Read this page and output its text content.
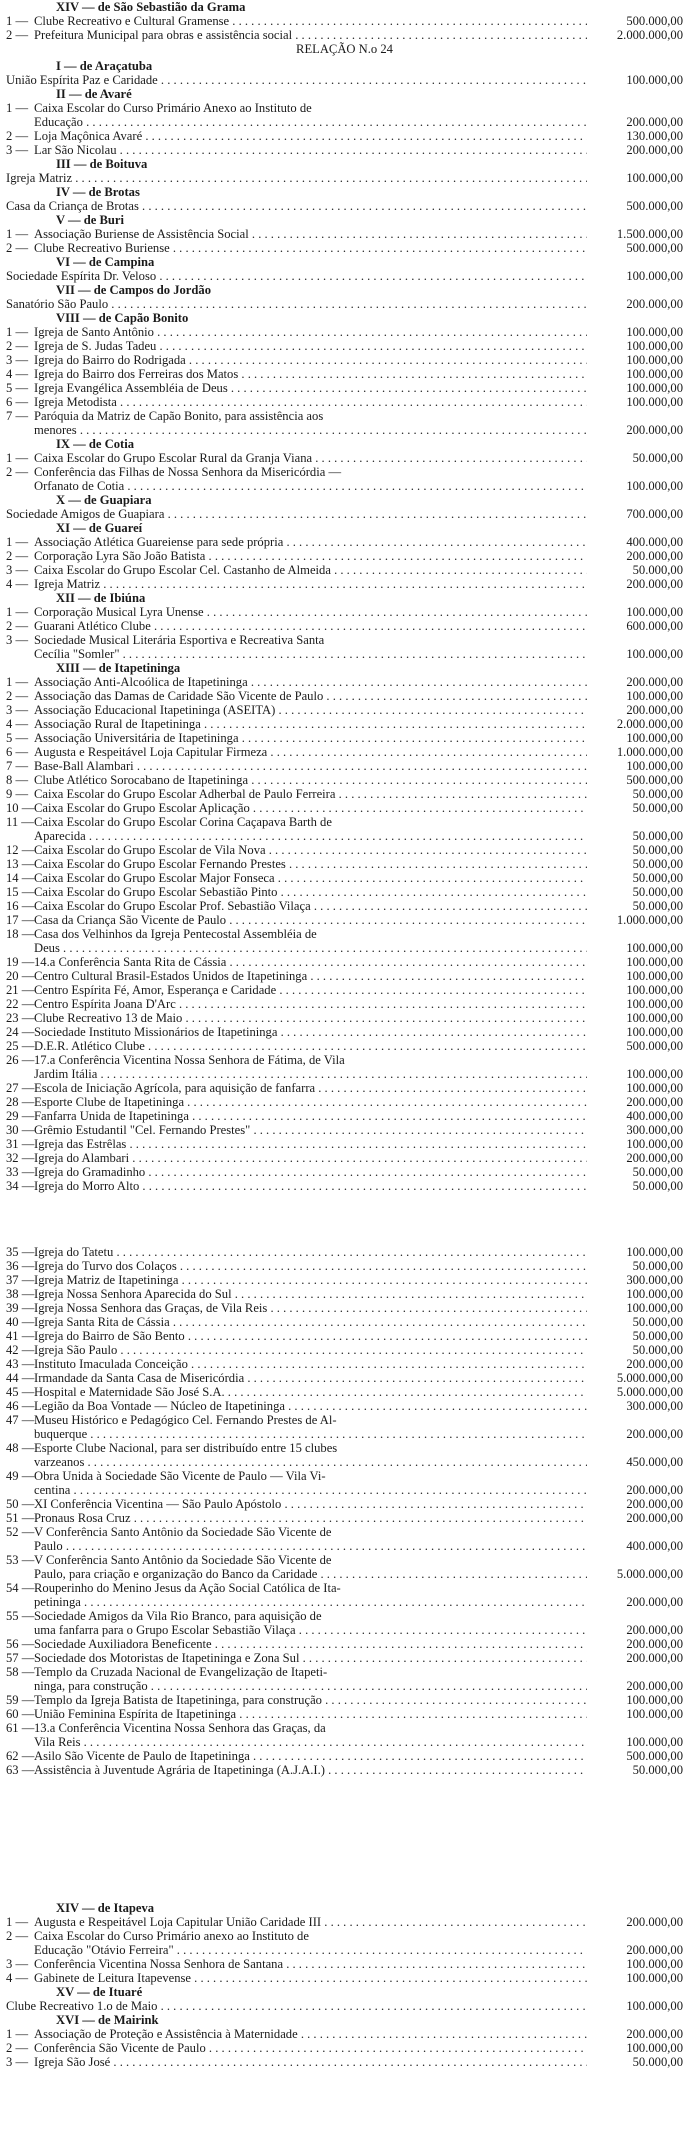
XIV — de São Sebastião da Grama
1 — Clube Recreativo e Cultural Gramense . . .	500.000,00
2 — Prefeitura Municipal para obras e assistência social . . .	2.000.000,00
RELAÇÃO N.o 24
I — de Araçatuba
União Espírita Paz e Caridade . . .	100.000,00
II — de Avaré
1 — Caixa Escolar do Curso Primário Anexo ao Instituto de
Educação . . .	200.000,00
2 — Loja Maçônica Avaré . . .	130.000,00
3 — Lar São Nicolau . . .	200.000,00
III — de Boituva
Igreja Matriz . . .	100.000,00
IV — de Brotas
Casa da Criança de Brotas . . .	500.000,00
V — de Buri
1 — Associação Buriense de Assistência Social . . .	1.500.000,00
2 — Clube Recreativo Buriense . . .	500.000,00
VI — de Campina
Sociedade Espírita Dr. Veloso . . .	100.000,00
VII — de Campos do Jordão
Sanatório São Paulo . . .	200.000,00
VIII — de Capão Bonito
1 — Igreja de Santo Antônio . . .	100.000,00
2 — Igreja de S. Judas Tadeu . . .	100.000,00
3 — Igreja do Bairro do Rodrigada . . .	100.000,00
4 — Igreja do Bairro dos Ferreiras dos Matos . . .	100.000,00
5 — Igreja Evangélica Assembléia de Deus . . .	100.000,00
6 — Igreja Metodista . . .	100.000,00
7 — Paróquia da Matriz de Capão Bonito, para assistência aos
menores . . .	200.000,00
IX — de Cotia
1 — Caixa Escolar do Grupo Escolar Rural da Granja Viana . . .	50.000,00
2 — Conferência das Filhas de Nossa Senhora da Misericórdia —
Orfanato de Cotia . . .	100.000,00
X — de Guapiara
Sociedade Amigos de Guapiara . . .	700.000,00
XI — de Guareí
1 — Associação Atlética Guareiense para sede própria . . .	400.000,00
2 — Corporação Lyra São João Batista . . .	200.000,00
3 — Caixa Escolar do Grupo Escolar Cel. Castanho de Almeida . . .	50.000,00
4 — Igreja Matriz . . .	200.000,00
XII — de Ibiúna
1 — Corporação Musical Lyra Unense . . .	100.000,00
2 — Guarani Atlético Clube . . .	600.000,00
3 — Sociedade Musical Literária Esportiva e Recreativa Santa
Cecília "Somler" . . .	100.000,00
XIII — de Itapetininga
1 — Associação Anti-Alcoólica de Itapetininga . . .	200.000,00
2 — Associação das Damas de Caridade São Vicente de Paulo . . .	100.000,00
3 — Associação Educacional Itapetininga (ASEITA) . . .	200.000,00
4 — Associação Rural de Itapetininga . . .	2.000.000,00
5 — Associação Universitária de Itapetininga . . .	100.000,00
6 — Augusta e Respeitável Loja Capitular Firmeza . . .	1.000.000,00
7 — Base-Ball Alambari . . .	100.000,00
8 — Clube Atlético Sorocabano de Itapetininga . . .	500.000,00
9 — Caixa Escolar do Grupo Escolar Adherbal de Paulo Ferreira . . .	50.000,00
10 — Caixa Escolar do Grupo Escolar Aplicação . . .	50.000,00
11 — Caixa Escolar do Grupo Escolar Corina Caçapava Barth de
Aparecida . . .	50.000,00
12 — Caixa Escolar do Grupo Escolar de Vila Nova . . .	50.000,00
13 — Caixa Escolar do Grupo Escolar Fernando Prestes . . .	50.000,00
14 — Caixa Escolar do Grupo Escolar Major Fonseca . . .	50.000,00
15 — Caixa Escolar do Grupo Escolar Sebastião Pinto . . .	50.000,00
16 — Caixa Escolar do Grupo Escolar Prof. Sebastião Vilaça . . .	50.000,00
17 — Casa da Criança São Vicente de Paulo . . .	1.000.000,00
18 — Casa dos Velhinhos da Igreja Pentecostal Assembléia de
Deus . . .	100.000,00
19 — 14.a Conferência Santa Rita de Cássia . . .	100.000,00
20 — Centro Cultural Brasil-Estados Unidos de Itapetininga . . .	100.000,00
21 — Centro Espírita Fé, Amor, Esperança e Caridade . . .	100.000,00
22 — Centro Espírita Joana D'Arc . . .	100.000,00
23 — Clube Recreativo 13 de Maio . . .	100.000,00
24 — Sociedade Instituto Missionários de Itapetininga . . .	100.000,00
25 — D.E.R. Atlético Clube . . .	500.000,00
26 — 17.a Conferência Vicentina Nossa Senhora de Fátima, de Vila
Jardim Itália . . .	100.000,00
27 — Escola de Iniciação Agrícola, para aquisição de fanfarra . . .	100.000,00
28 — Esporte Clube de Itapetininga . . .	200.000,00
29 — Fanfarra Unida de Itapetininga . . .	400.000,00
30 — Grêmio Estudantil "Cel. Fernando Prestes" . . .	300.000,00
31 — Igreja das Estrêlas . . .	100.000,00
32 — Igreja do Alambari . . .	200.000,00
33 — Igreja do Gramadinho . . .	50.000,00
34 — Igreja do Morro Alto . . .	50.000,00
35 — Igreja do Tatetu . . .	100.000,00
36 — Igreja do Turvo dos Colaços . . .	50.000,00
37 — Igreja Matriz de Itapetininga . . .	300.000,00
38 — Igreja Nossa Senhora Aparecida do Sul . . .	100.000,00
39 — Igreja Nossa Senhora das Graças, de Vila Reis . . .	100.000,00
40 — Igreja Santa Rita de Cássia . . .	50.000,00
41 — Igreja do Bairro de São Bento . . .	50.000,00
42 — Igreja São Paulo . . .	50.000,00
43 — Instituto Imaculada Conceição . . .	200.000,00
44 — Irmandade da Santa Casa de Misericórdia . . .	5.000.000,00
45 — Hospital e Maternidade São José S.A. . . .	5.000.000,00
46 — Legião da Boa Vontade — Núcleo de Itapetininga . . .	300.000,00
47 — Museu Histórico e Pedagógico Cel. Fernando Prestes de Al-
buquerque . . .	200.000,00
48 — Esporte Clube Nacional, para ser distribuído entre 15 clubes
varzeanos . . .	450.000,00
49 — Obra Unida à Sociedade São Vicente de Paulo — Vila Vi-
centina . . .	200.000,00
50 — XI Conferência Vicentina — São Paulo Apóstolo . . .	200.000,00
51 — Pronaus Rosa Cruz . . .	200.000,00
52 — V Conferência Santo Antônio da Sociedade São Vicente de
Paulo . . .	400.000,00
53 — V Conferência Santo Antônio da Sociedade São Vicente de
Paulo, para criação e organização do Banco da Caridade . . .	5.000.000,00
54 — Rouperinho do Menino Jesus da Ação Social Católica de Ita-
petininga . . .	200.000,00
55 — Sociedade Amigos da Vila Rio Branco, para aquisição de
uma fanfarra para o Grupo Escolar Sebastião Vilaça . . .	200.000,00
56 — Sociedade Auxiliadora Beneficente . . .	200.000,00
57 — Sociedade dos Motoristas de Itapetininga e Zona Sul . . .	200.000,00
58 — Templo da Cruzada Nacional de Evangelização de Itapeti-
ninga, para construção . . .	200.000,00
59 — Templo da Igreja Batista de Itapetininga, para construção . . .	100.000,00
60 — União Feminina Espírita de Itapetininga . . .	100.000,00
61 — 13.a Conferência Vicentina Nossa Senhora das Graças, da
Vila Reis . . .	100.000,00
62 — Asilo São Vicente de Paulo de Itapetininga . . .	500.000,00
63 — Assistência à Juventude Agrária de Itapetininga (A.J.A.I.) . . .	50.000,00
XIV — de Itapeva
1 — Augusta e Respeitável Loja Capitular União Caridade III . . .	200.000,00
2 — Caixa Escolar do Curso Primário anexo ao Instituto de
Educação "Otávio Ferreira" . . .	200.000,00
3 — Conferência Vicentina Nossa Senhora de Santana . . .	100.000,00
4 — Gabinete de Leitura Itapevense . . .	100.000,00
XV — de Ituaré
Clube Recreativo 1.o de Maio . . .	100.000,00
XVI — de Mairink
1 — Associação de Proteção e Assistência à Maternidade . . .	200.000,00
2 — Conferência São Vicente de Paulo . . .	100.000,00
3 — Igreja São José . . .	50.000,00
